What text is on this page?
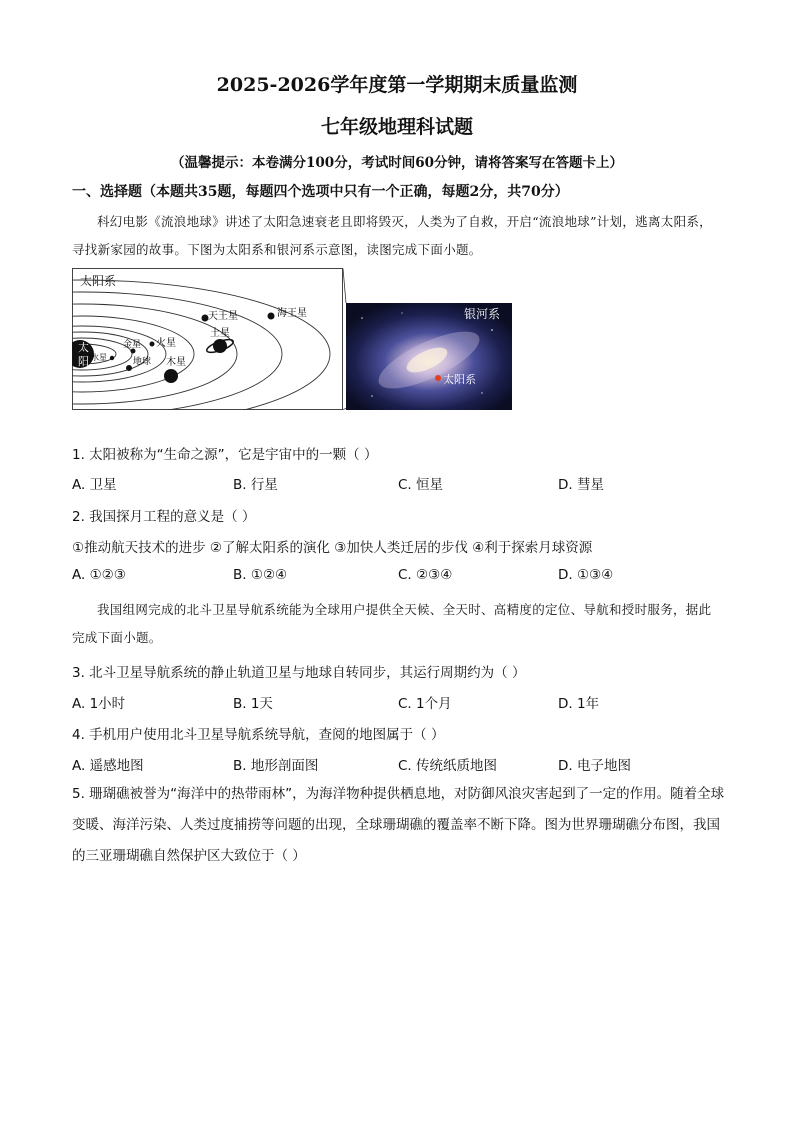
2025-2026学年度第一学期期末质量监测
七年级地理科试题
（温馨提示：本卷满分100分，考试时间60分钟，请将答案写在答题卡上）
一、选择题（本题共35题，每题四个选项中只有一个正确，每题2分，共70分）
科幻电影《流浪地球》讲述了太阳急速衰老且即将毁灭，人类为了自救，开启“流浪地球”计划，逃离太阳系，寻找新家园的故事。下图为太阳系和银河系示意图，读图完成下面小题。
太阳系
太
阳 水星
金星
地球
火星
木星
土星
天王星	海王星	银河系
太阳系
1. 太阳被称为“生命之源”，它是宇宙中的一颗（ ）
A. 卫星	B. 行星	C. 恒星	D. 彗星
2. 我国探月工程的意义是（ ）
①推动航天技术的进步 ②了解太阳系的演化 ③加快人类迁居的步伐 ④利于探索月球资源
A. ①②③	B. ①②④	C. ②③④	D. ①③④
我国组网完成的北斗卫星导航系统能为全球用户提供全天候、全天时、高精度的定位、导航和授时服务，据此完成下面小题。
3. 北斗卫星导航系统的静止轨道卫星与地球自转同步，其运行周期约为（ ）
A. 1小时	B. 1天	C. 1个月	D. 1年
4. 手机用户使用北斗卫星导航系统导航，查阅的地图属于（ ）
A. 遥感地图	B. 地形剖面图	C. 传统纸质地图	D. 电子地图
5. 珊瑚礁被誉为“海洋中的热带雨林”，为海洋物种提供栖息地，对防御风浪灾害起到了一定的作用。随着全球变暖、海洋污染、人类过度捕捞等问题的出现，全球珊瑚礁的覆盖率不断下降。图为世界珊瑚礁分布图，我国的三亚珊瑚礁自然保护区大致位于（ ）
